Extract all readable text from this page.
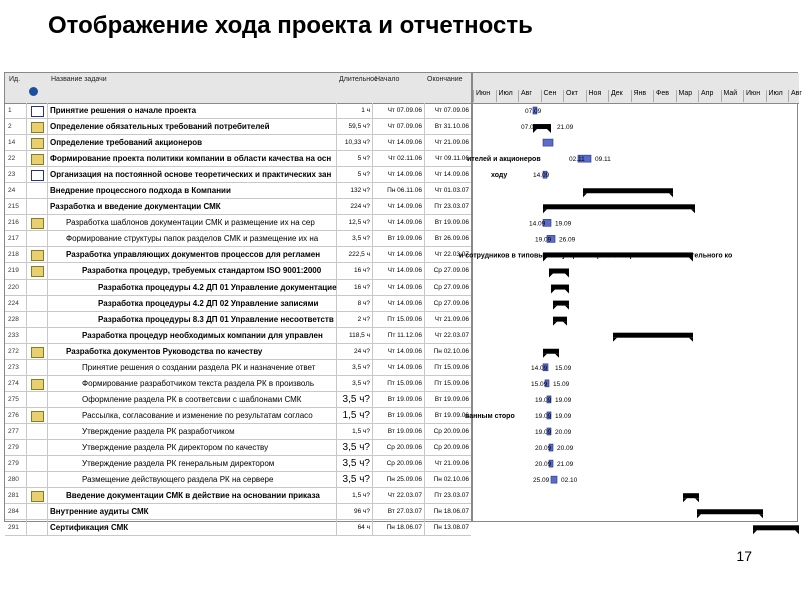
Отображение хода проекта и отчетность
Ид.	Название задачи	Длительнос
Начало	Окончание
1	Принятие решения о начале проекта	1 ч	Чт 07.09.06	Чт 07.09.06
2	Определение обязательных требований потребителей	59,5 ч?	Чт 07.09.06	Вт 31.10.06
14	Определение требований акционеров	10,33 ч?	Чт 14.09.06	Чт 21.09.06
22	Формирование проекта политики компании в области качества на осн	5 ч?	Чт 02.11.06	Чт 09.11.06
23	Организация на постоянной основе теоретических и практических зан	5 ч?	Чт 14.09.06	Чт 14.09.06
24	Внедрение процессного подхода в Компании	132 ч?	Пн 06.11.06	Чт 01.03.07
215	Разработка и введение документации СМК	224 ч?	Чт 14.09.06	Пт 23.03.07
216	Разработка шаблонов документации СМК и размещение их на сер	12,5 ч?	Чт 14.09.06	Вт 19.09.06
217	Формирование структуры папок разделов СМК и размещение их на	3,5 ч?	Вт 19.09.06	Вт 26.09.06
218	Разработка управляющих документов процессов для регламен	222,5 ч	Чт 14.09.06	Чт 22.03.07
219	Разработка процедур, требуемых стандартом ISO 9001:2000	16 ч?	Чт 14.09.06	Ср 27.09.06
220	Разработка процедуры 4.2 ДП 01 Управление документацие	16 ч?	Чт 14.09.06	Ср 27.09.06
224	Разработка процедуры 4.2 ДП 02 Управление записями	8 ч?	Чт 14.09.06	Ср 27.09.06
228	Разработка процедуры 8.3 ДП 01 Управление несоответств	2 ч?	Пт 15.09.06	Чт 21.09.06
233	Разработка процедур необходимых компании для управлен	118,5 ч	Пт 11.12.06	Чт 22.03.07
272	Разработка документов Руководства по качеству	24 ч?	Чт 14.09.06	Пн 02.10.06
273	Принятие решения о создании раздела РК и назначение ответ	3,5 ч?	Чт 14.09.06	Пт 15.09.06
274	Формирование разработчиком текста раздела РК в произволь	3,5 ч?	Пт 15.09.06	Пт 15.09.06
275	Оформление раздела РК в соответсвии с шаблонами СМК	3,5 ч?	Вт 19.09.06	Вт 19.09.06
276	Рассылка, согласование и изменение по результатам согласо	1,5 ч?	Вт 19.09.06	Вт 19.09.06
277	Утверждение раздела РК разработчиком	1,5 ч?	Вт 19.09.06	Ср 20.09.06
279	Утверждение раздела РК директором по качеству	3,5 ч?	Ср 20.09.06	Ср 20.09.06
279	Утверждение раздела РК генеральным директором	3,5 ч?	Ср 20.09.06	Чт 21.09.06
280	Размещение действующего раздела РК на сервере	3,5 ч?	Пн 25.09.06	Пн 02.10.06
281	Введение документации СМК в действие на основании приказа	1,5 ч?	Чт 22.03.07	Пт 23.03.07
284	Внутренние аудиты СМК	96 ч?	Вт 27.03.07	Пн 18.06.07
291	Сертификация СМК	64 ч	Пн 18.06.07	Пн 13.08.07
Июн	Июл	Авг	Сен	Окт	Ноя	Дек	Янв	Фев	Мар	Апр	Май	Июн	Июл	Авг
07.09
07.09
14.09 21.09
02.11 09.11
14.09
14.09 19.09
19.09 26.09
14.09 15.09
15.09 15.09
19.09 19.09
19.09 19.09
19.09 20.09
20.09 20.09
20.09 21.09
25.09 02.10
ителей и акционеров
ходу
и сотрудников в типовых ситуациях с целью закрепления положительного ко
ванным сторо
17
